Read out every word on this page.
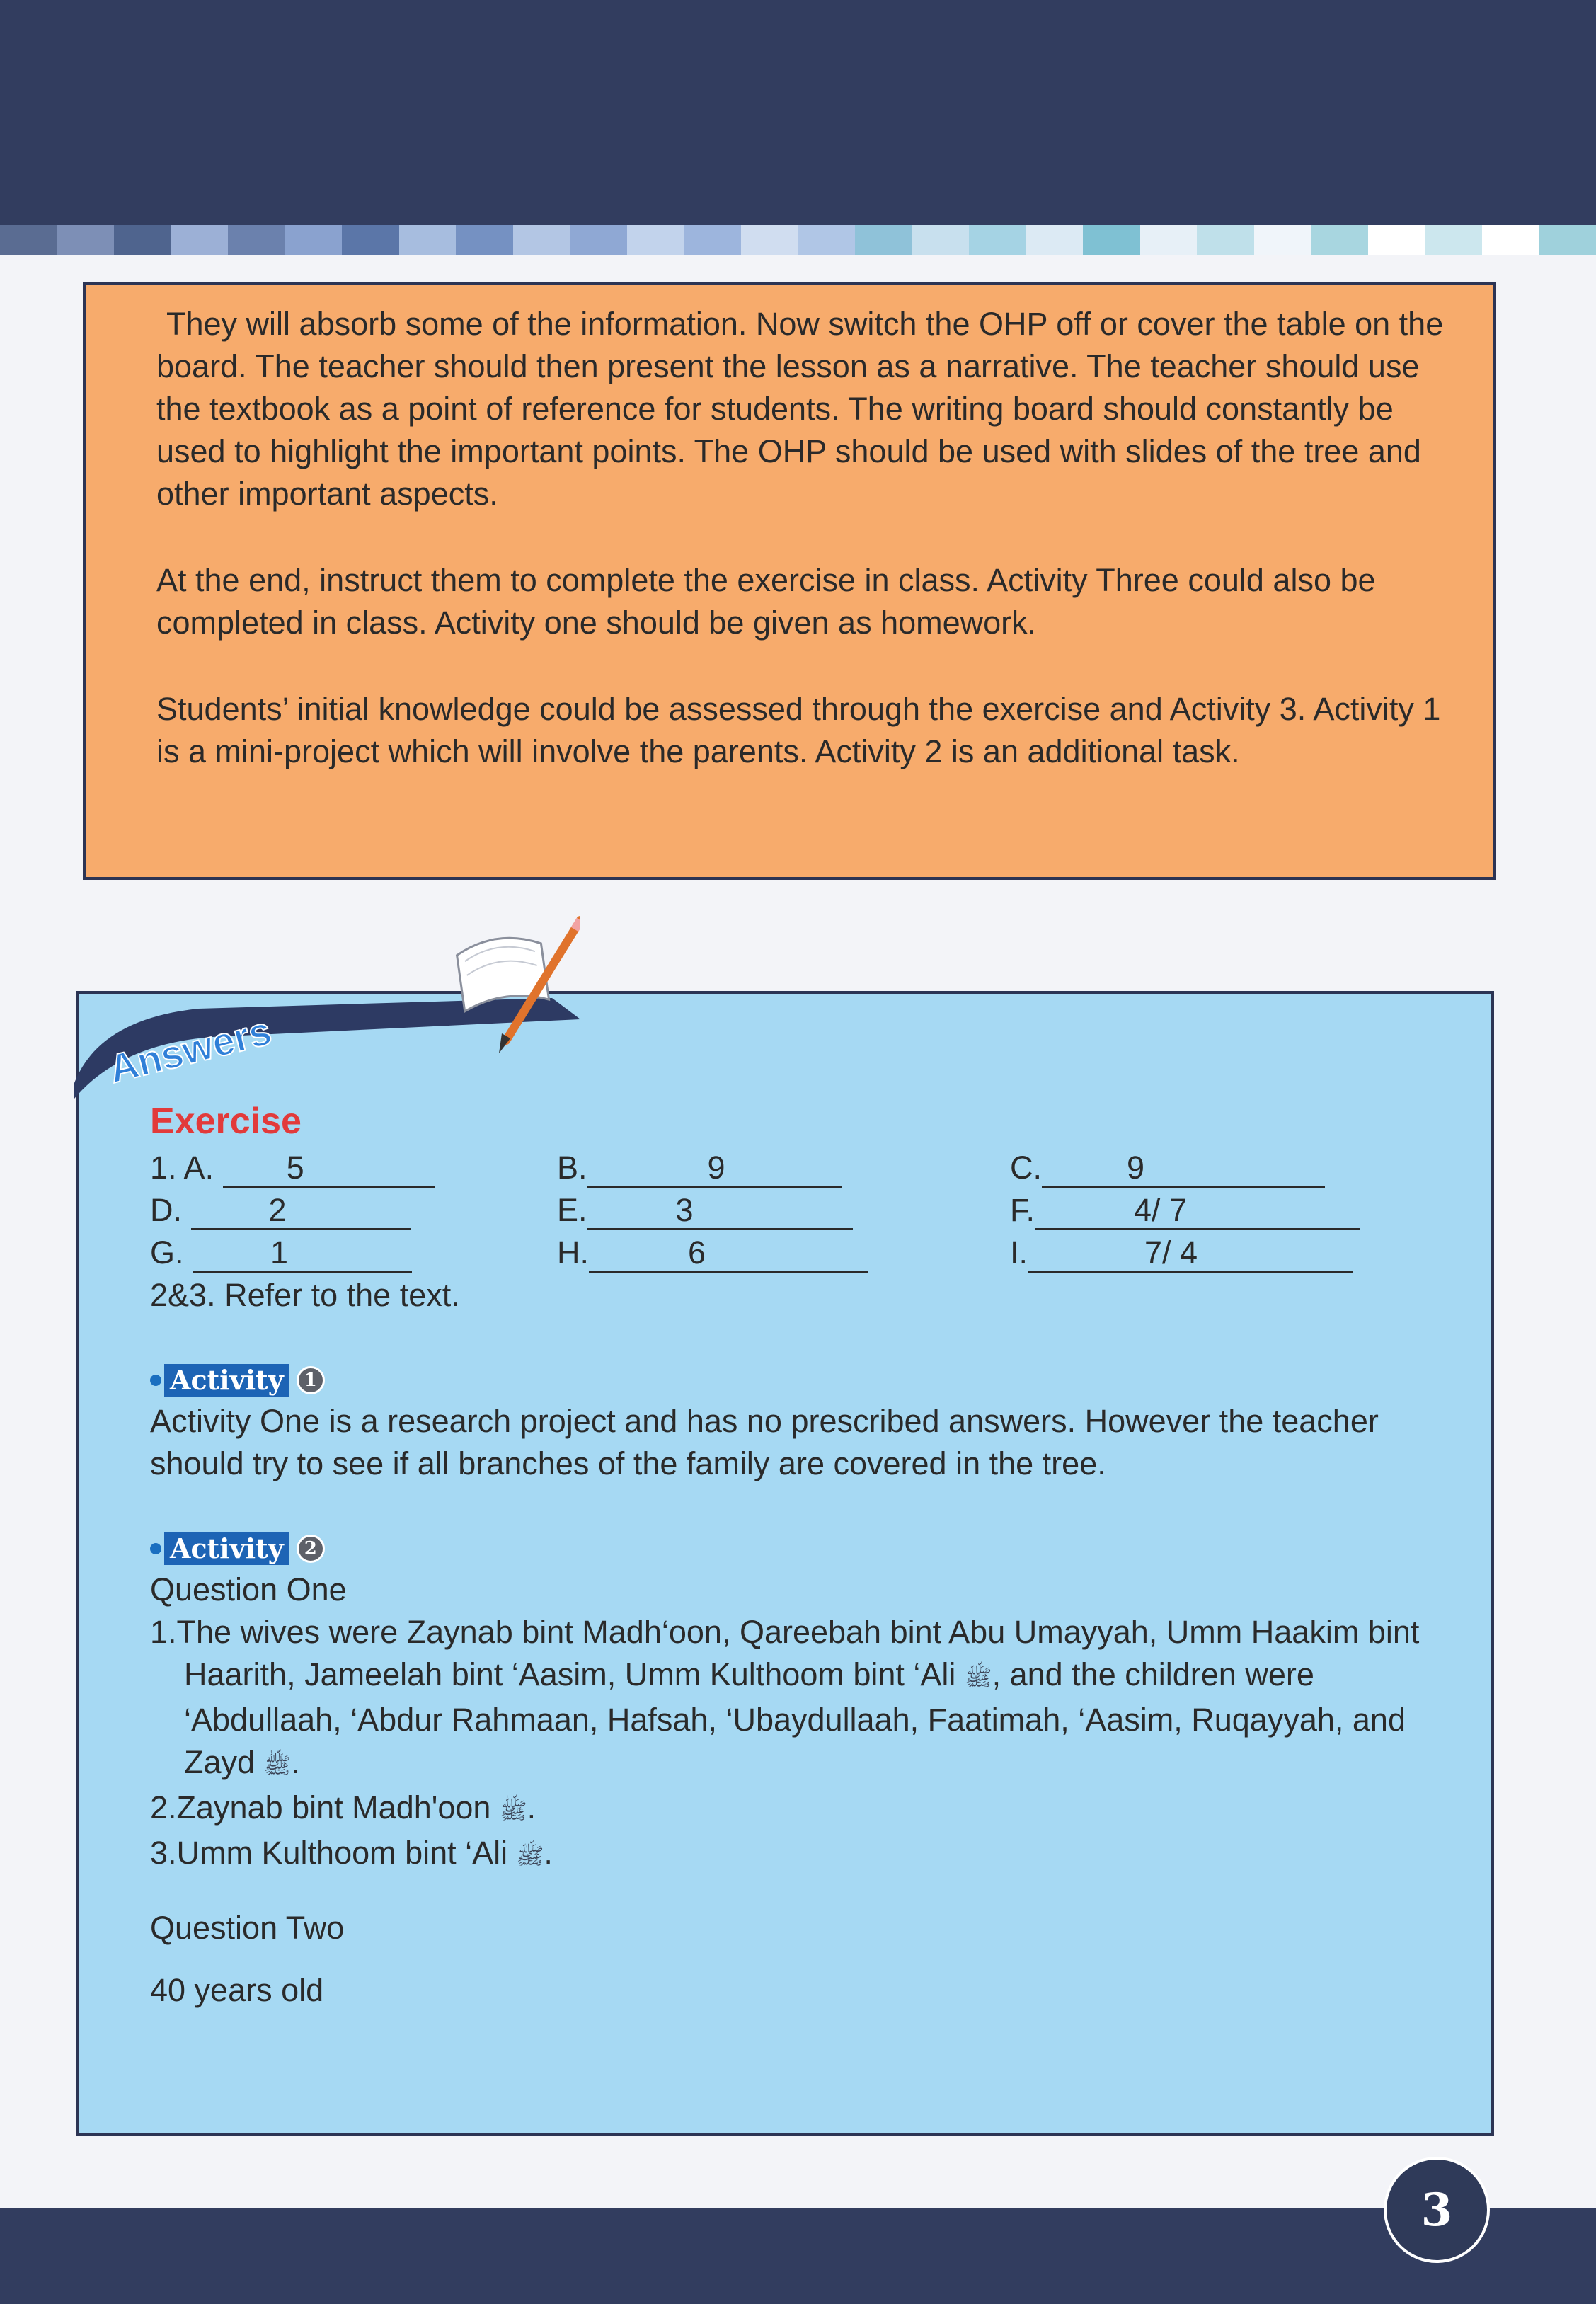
They will absorb some of the information. Now switch the OHP off or cover the table on the board. The teacher should then present the lesson as a narrative. The teacher should use the textbook as a point of reference for students. The writing board should constantly be used to highlight the important points. The OHP should be used with slides of the tree and other important aspects.

At the end, instruct them to complete the exercise in class. Activity Three could also be completed in class. Activity one should be given as homework.

Students’ initial knowledge could be assessed through the exercise and Activity 3. Activity 1 is a mini-project which will involve the parents. Activity 2 is an additional task.

Answers

Exercise

1. A. 5	B.	9	C.	9
D. 2	E.	3	F.	4/ 7
G. 1	H.	6	I.	7/ 4

2&3. Refer to the text.

Activity	1

Activity One is a research project and has no prescribed answers. However the teacher should try to see if all branches of the family are covered in the tree.

Activity	2

Question One

1.The wives were Zaynab bint Madh‘oon, Qareebah bint Abu Umayyah, Umm Haakim bint Haarith, Jameelah bint ‘Aasim, Umm Kulthoom bint ‘Ali ﷺ, and the children were ‘Abdullaah, ‘Abdur Rahmaan, Hafsah, ‘Ubaydullaah, Faatimah, ‘Aasim, Ruqayyah, and Zayd ﷺ.
2.Zaynab bint Madh'oon ﷺ.
3.Umm Kulthoom bint ‘Ali ﷺ.

Question Two

40 years old

3
